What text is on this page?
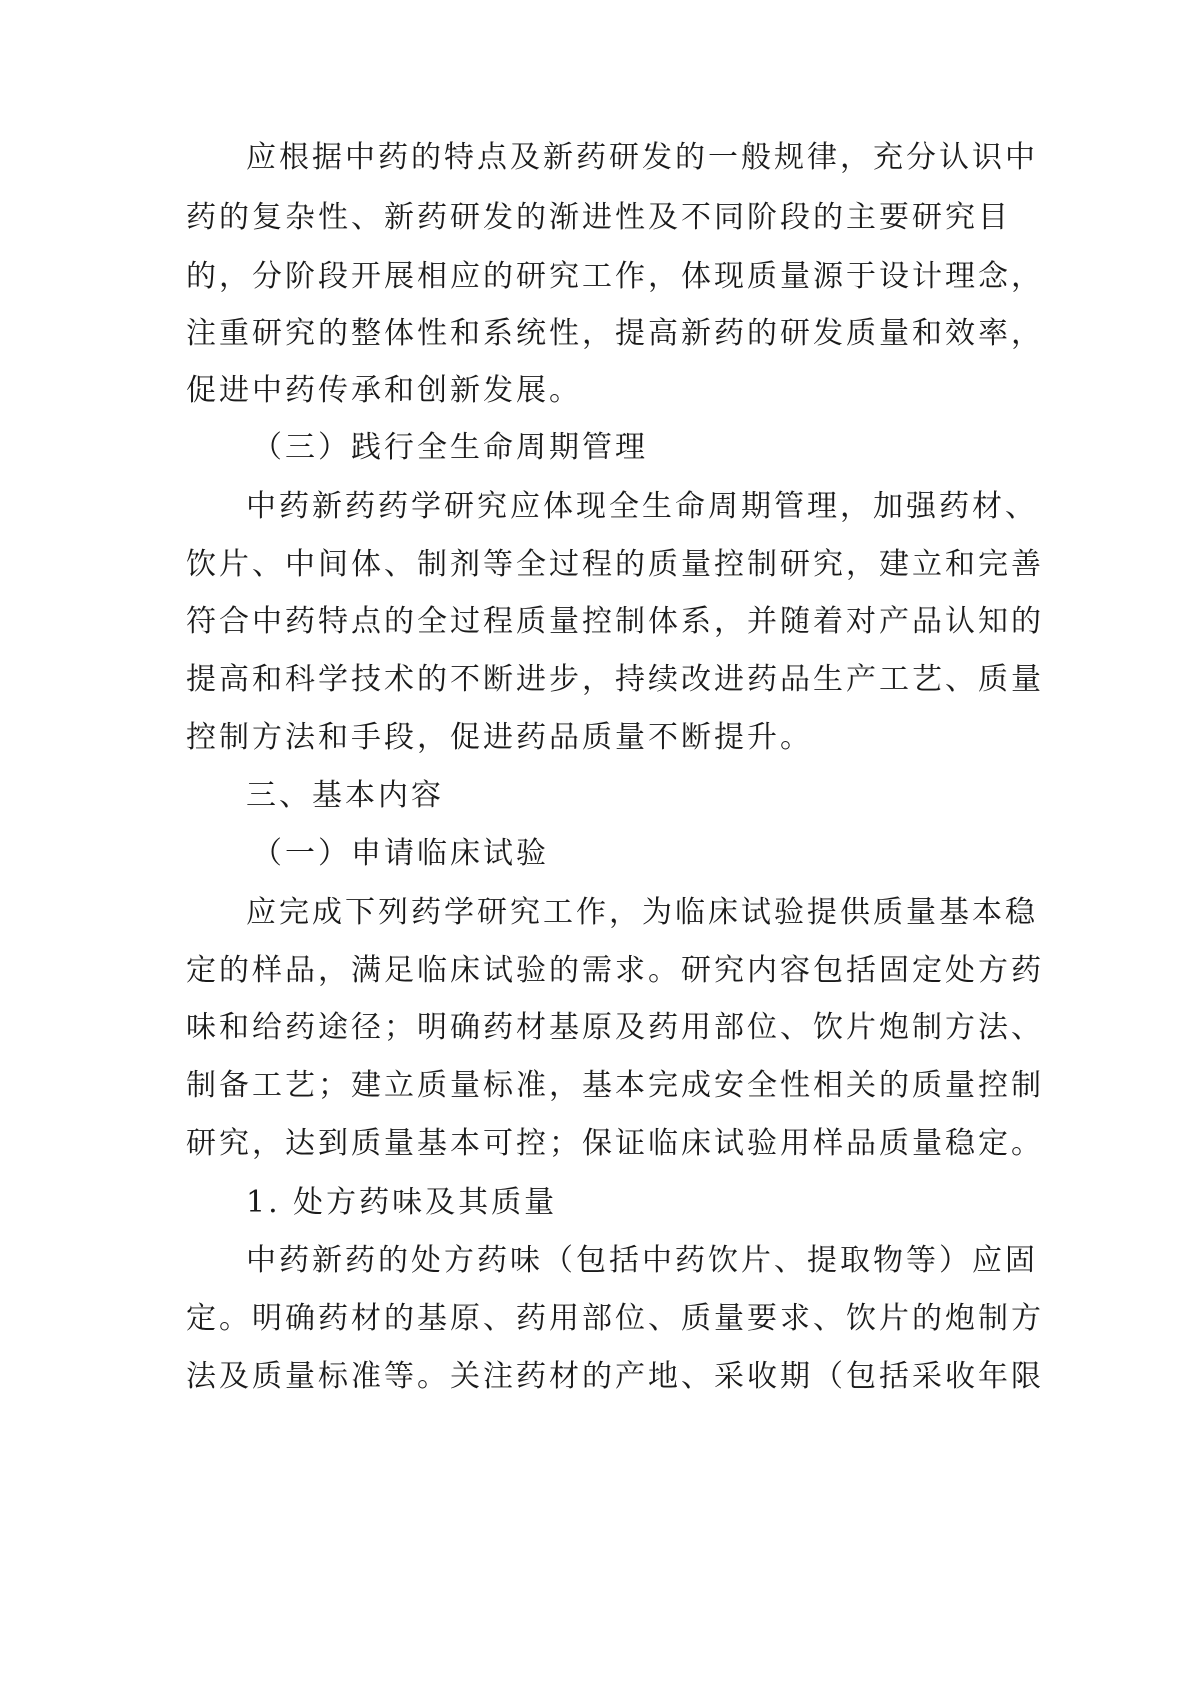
应根据中药的特点及新药研发的一般规律，充分认识中
药的复杂性、新药研发的渐进性及不同阶段的主要研究目
的，分阶段开展相应的研究工作，体现质量源于设计理念，
注重研究的整体性和系统性，提高新药的研发质量和效率，
促进中药传承和创新发展。
（三）践行全生命周期管理
中药新药药学研究应体现全生命周期管理，加强药材、
饮片、中间体、制剂等全过程的质量控制研究，建立和完善
符合中药特点的全过程质量控制体系，并随着对产品认知的
提高和科学技术的不断进步，持续改进药品生产工艺、质量
控制方法和手段，促进药品质量不断提升。
三、基本内容
（一）申请临床试验
应完成下列药学研究工作，为临床试验提供质量基本稳
定的样品，满足临床试验的需求。研究内容包括固定处方药
味和给药途径；明确药材基原及药用部位、饮片炮制方法、
制备工艺；建立质量标准，基本完成安全性相关的质量控制
研究，达到质量基本可控；保证临床试验用样品质量稳定。
1. 处方药味及其质量
中药新药的处方药味（包括中药饮片、提取物等）应固
定。明确药材的基原、药用部位、质量要求、饮片的炮制方
法及质量标准等。关注药材的产地、采收期（包括采收年限
